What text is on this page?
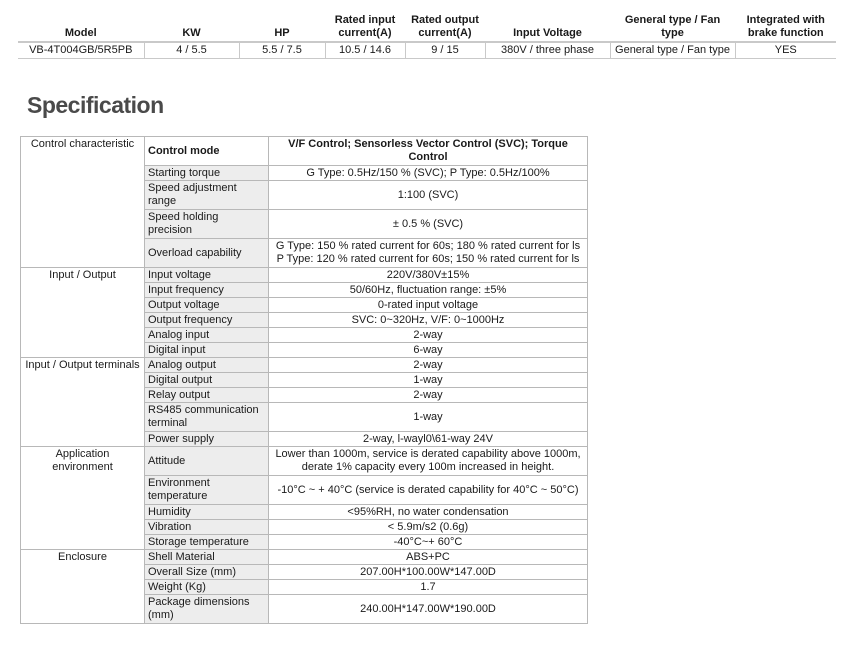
Model	KW	HP	Rated input current(A)	Rated output current(A)	Input Voltage	General type / Fan type	Integrated with brake function
VB-4T004GB/5R5PB	4 / 5.5	5.5 / 7.5	10.5 / 14.6	9 / 15	380V / three phase	General type / Fan type	YES
Specification
Control characteristic	Control mode	V/F Control; Sensorless Vector Control (SVC); Torque Control
	Starting torque	G Type: 0.5Hz/150 % (SVC); P Type: 0.5Hz/100%
	Speed adjustment range	1:100 (SVC)
	Speed holding precision	± 0.5 % (SVC)
	Overload capability	G Type: 150 % rated current for 60s; 180 % rated current for ls P Type: 120 % rated current for 60s; 150 % rated current for ls
Input / Output	Input voltage	220V/380V±15%
	Input frequency	50/60Hz, fluctuation range: ±5%
	Output voltage	0-rated input voltage
	Output frequency	SVC: 0~320Hz, V/F: 0~1000Hz
	Analog input	2-way
	Digital input	6-way
Input / Output terminals	Analog output	2-way
	Digital output	1-way
	Relay output	2-way
	RS485 communication terminal	1-way
	Power supply	2-way, l-wayl0\61-way 24V
Application environment	Attitude	Lower than 1000m, service is derated capability above 1000m, derate 1% capacity every 100m increased in height.
	Environment temperature	-10°C ~ + 40°C (service is derated capability for 40°C ~ 50°C)
	Humidity	<95%RH, no water condensation
	Vibration	< 5.9m/s2 (0.6g)
	Storage temperature	-40°C~+ 60°C
Enclosure	Shell Material	ABS+PC
	Overall Size (mm)	207.00H*100.00W*147.00D
	Weight (Kg)	1.7
	Package dimensions (mm)	240.00H*147.00W*190.00D
